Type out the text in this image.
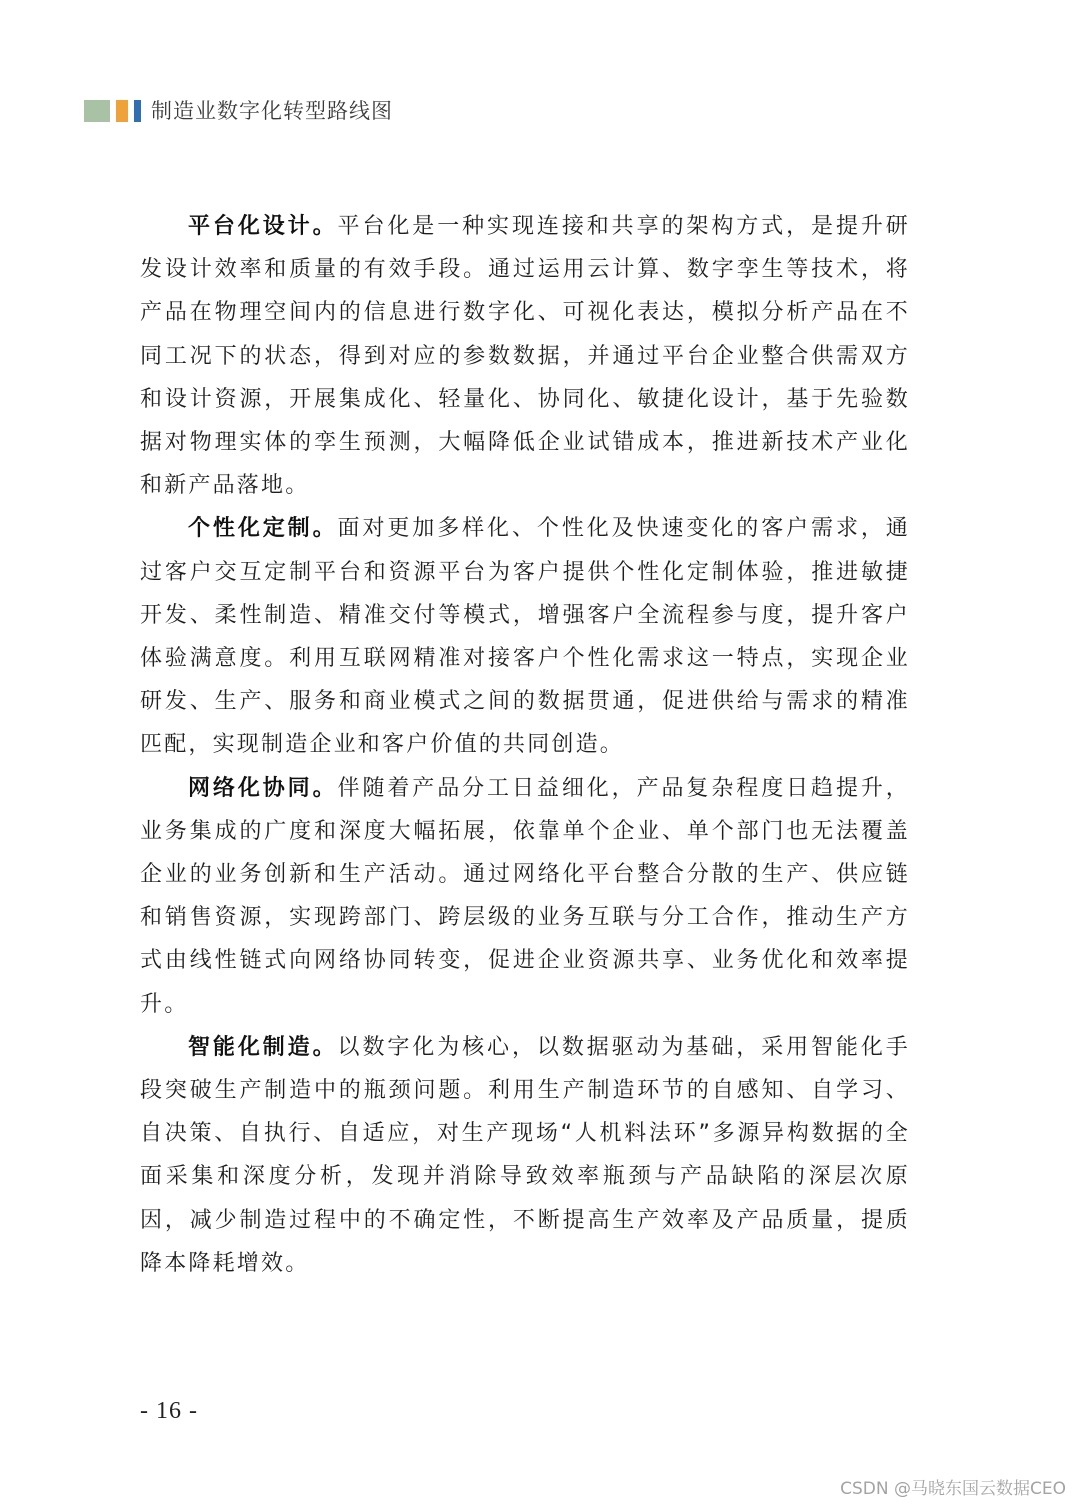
制造业数字化转型路线图

平台化设计。平台化是一种实现连接和共享的架构方式，是提升研发设计效率和质量的有效手段。通过运用云计算、数字孪生等技术，将产品在物理空间内的信息进行数字化、可视化表达，模拟分析产品在不同工况下的状态，得到对应的参数数据，并通过平台企业整合供需双方和设计资源，开展集成化、轻量化、协同化、敏捷化设计，基于先验数据对物理实体的孪生预测，大幅降低企业试错成本，推进新技术产业化和新产品落地。

个性化定制。面对更加多样化、个性化及快速变化的客户需求，通过客户交互定制平台和资源平台为客户提供个性化定制体验，推进敏捷开发、柔性制造、精准交付等模式，增强客户全流程参与度，提升客户体验满意度。利用互联网精准对接客户个性化需求这一特点，实现企业研发、生产、服务和商业模式之间的数据贯通，促进供给与需求的精准匹配，实现制造企业和客户价值的共同创造。

网络化协同。伴随着产品分工日益细化，产品复杂程度日趋提升，业务集成的广度和深度大幅拓展，依靠单个企业、单个部门也无法覆盖企业的业务创新和生产活动。通过网络化平台整合分散的生产、供应链和销售资源，实现跨部门、跨层级的业务互联与分工合作，推动生产方式由线性链式向网络协同转变，促进企业资源共享、业务优化和效率提升。

智能化制造。以数字化为核心，以数据驱动为基础，采用智能化手段突破生产制造中的瓶颈问题。利用生产制造环节的自感知、自学习、自决策、自执行、自适应，对生产现场“人机料法环”多源异构数据的全面采集和深度分析，发现并消除导致效率瓶颈与产品缺陷的深层次原因，减少制造过程中的不确定性，不断提高生产效率及产品质量，提质降本降耗增效。

- 16 -
CSDN @马晓东国云数据CEO
